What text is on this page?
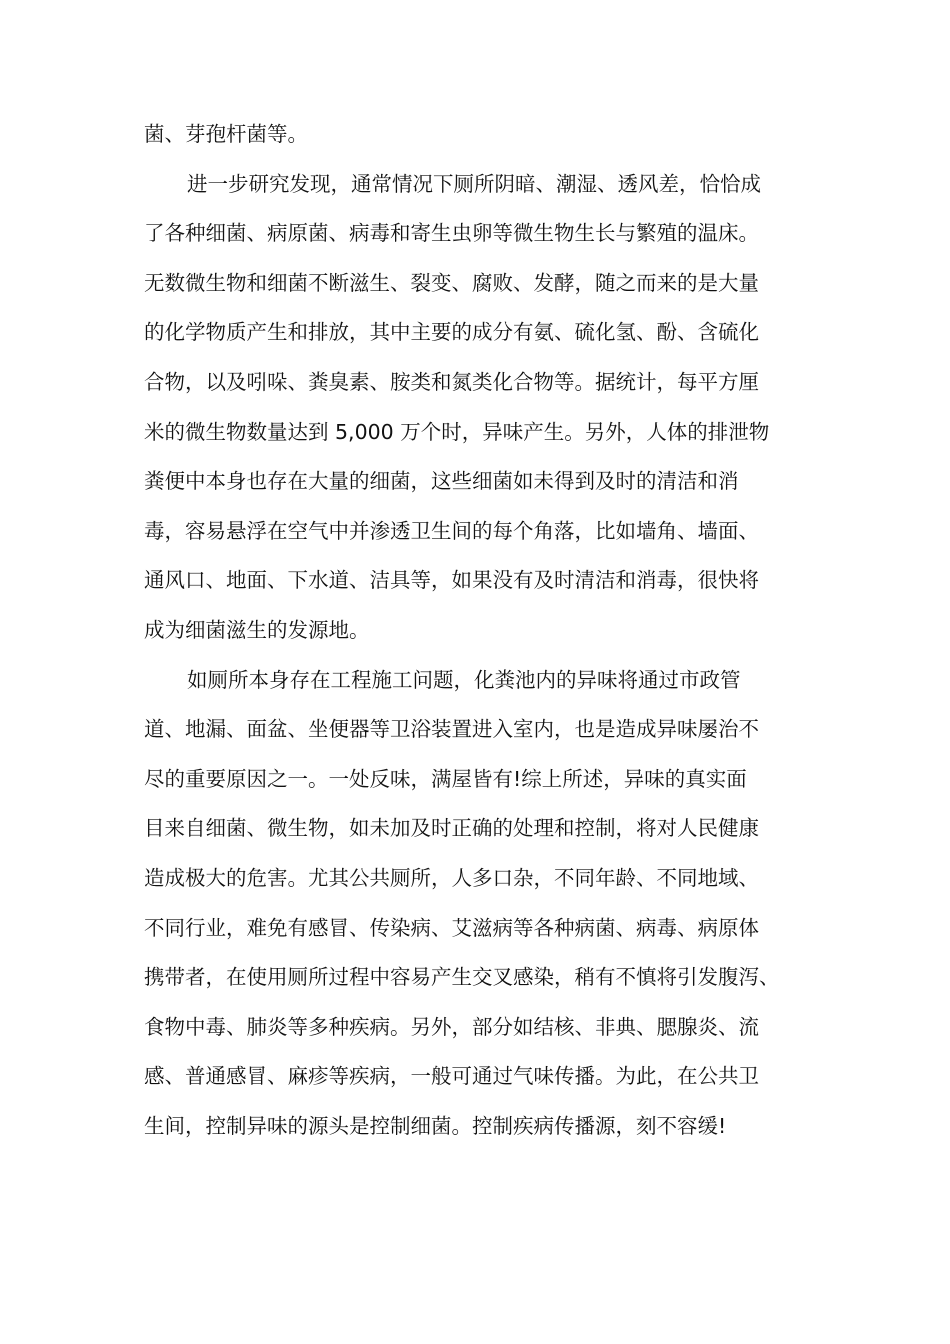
菌、芽孢杆菌等。
进一步研究发现，通常情况下厕所阴暗、潮湿、透风差，恰恰成
了各种细菌、病原菌、病毒和寄生虫卵等微生物生长与繁殖的温床。
无数微生物和细菌不断滋生、裂变、腐败、发酵，随之而来的是大量
的化学物质产生和排放，其中主要的成分有氨、硫化氢、酚、含硫化
合物，以及吲哚、粪臭素、胺类和氮类化合物等。据统计，每平方厘
米的微生物数量达到 5,000 万个时，异味产生。另外，人体的排泄物
粪便中本身也存在大量的细菌，这些细菌如未得到及时的清洁和消
毒，容易悬浮在空气中并渗透卫生间的每个角落，比如墙角、墙面、
通风口、地面、下水道、洁具等，如果没有及时清洁和消毒，很快将
成为细菌滋生的发源地。
如厕所本身存在工程施工问题，化粪池内的异味将通过市政管
道、地漏、面盆、坐便器等卫浴装置进入室内，也是造成异味屡治不
尽的重要原因之一。一处反味，满屋皆有!综上所述，异味的真实面
目来自细菌、微生物，如未加及时正确的处理和控制，将对人民健康
造成极大的危害。尤其公共厕所，人多口杂，不同年龄、不同地域、
不同行业，难免有感冒、传染病、艾滋病等各种病菌、病毒、病原体
携带者，在使用厕所过程中容易产生交叉感染，稍有不慎将引发腹泻、
食物中毒、肺炎等多种疾病。另外，部分如结核、非典、腮腺炎、流
感、普通感冒、麻疹等疾病，一般可通过气味传播。为此，在公共卫
生间，控制异味的源头是控制细菌。控制疾病传播源，刻不容缓!
